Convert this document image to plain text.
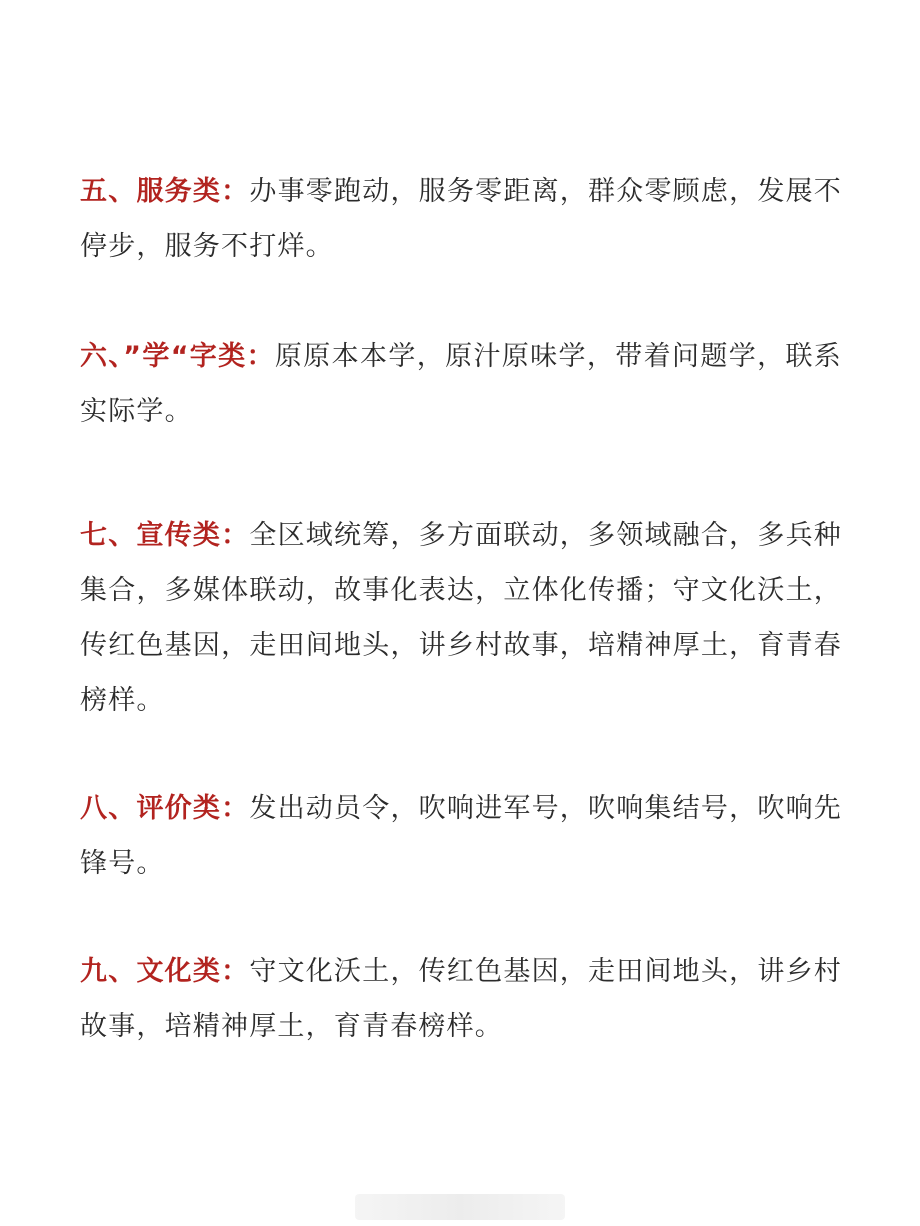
五、服务类：办事零跑动，服务零距离，群众零顾虑，发展不停步，服务不打烊。
六、”学“字类：原原本本学，原汁原味学，带着问题学，联系实际学。
七、宣传类：全区域统筹，多方面联动，多领域融合，多兵种集合，多媒体联动，故事化表达，立体化传播；守文化沃土，传红色基因，走田间地头，讲乡村故事，培精神厚土，育青春榜样。
八、评价类：发出动员令，吹响进军号，吹响集结号，吹响先锋号。
九、文化类：守文化沃土，传红色基因，走田间地头，讲乡村故事，培精神厚土，育青春榜样。
